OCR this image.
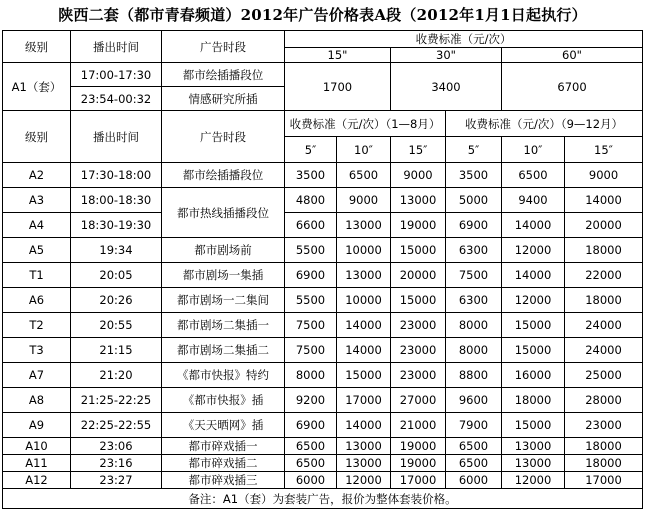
陕西二套（都市青春频道）2012年广告价格表A段（2012年1月1日起执行）
级别	播出时间	广告时段	收费标准（元/次）					
			15"		30"		60"	
A1（套）	17:00-17:30	都市绘插播段位	1700		3400		6700	
	23:54-00:32	情感研究所插						
级别	播出时间	广告时段	收费标准（元/次）（1—8月）			收费标准（元/次）（9—12月）		
			5″	10″	15″	5″	10″	15″
A2	17:30-18:00	都市绘插播段位	3500	6500	9000	3500	6500	9000
A3	18:00-18:30	都市热线插播段位	4800	9000	13000	5000	9400	14000
A4	18:30-19:30		6600	13000	19000	6900	14000	20000
A5	19:34	都市剧场前	5500	10000	15000	6300	12000	18000
T1	20:05	都市剧场一集插	6900	13000	20000	7500	14000	22000
A6	20:26	都市剧场一二集间	5500	10000	15000	6300	12000	18000
T2	20:55	都市剧场二集插一	7500	14000	23000	8000	15000	24000
T3	21:15	都市剧场二集插二	7500	14000	23000	8000	15000	24000
A7	21:20	《都市快报》特约	8000	15000	23000	8800	16000	25000
A8	21:25-22:25	《都市快报》插	9200	17000	27000	9600	18000	28000
A9	22:25-22:55	《天天晒网》插	6900	14000	21000	7900	15000	23000
A10	23:06	都市碎戏插一	6500	13000	19000	6500	13000	18000
A11	23:16	都市碎戏插二	6500	13000	19000	6500	13000	18000
A12	23:27	都市碎戏插三	6000	12000	17000	6000	12000	17000
备注：A1（套）为套装广告，报价为整体套装价格。								
